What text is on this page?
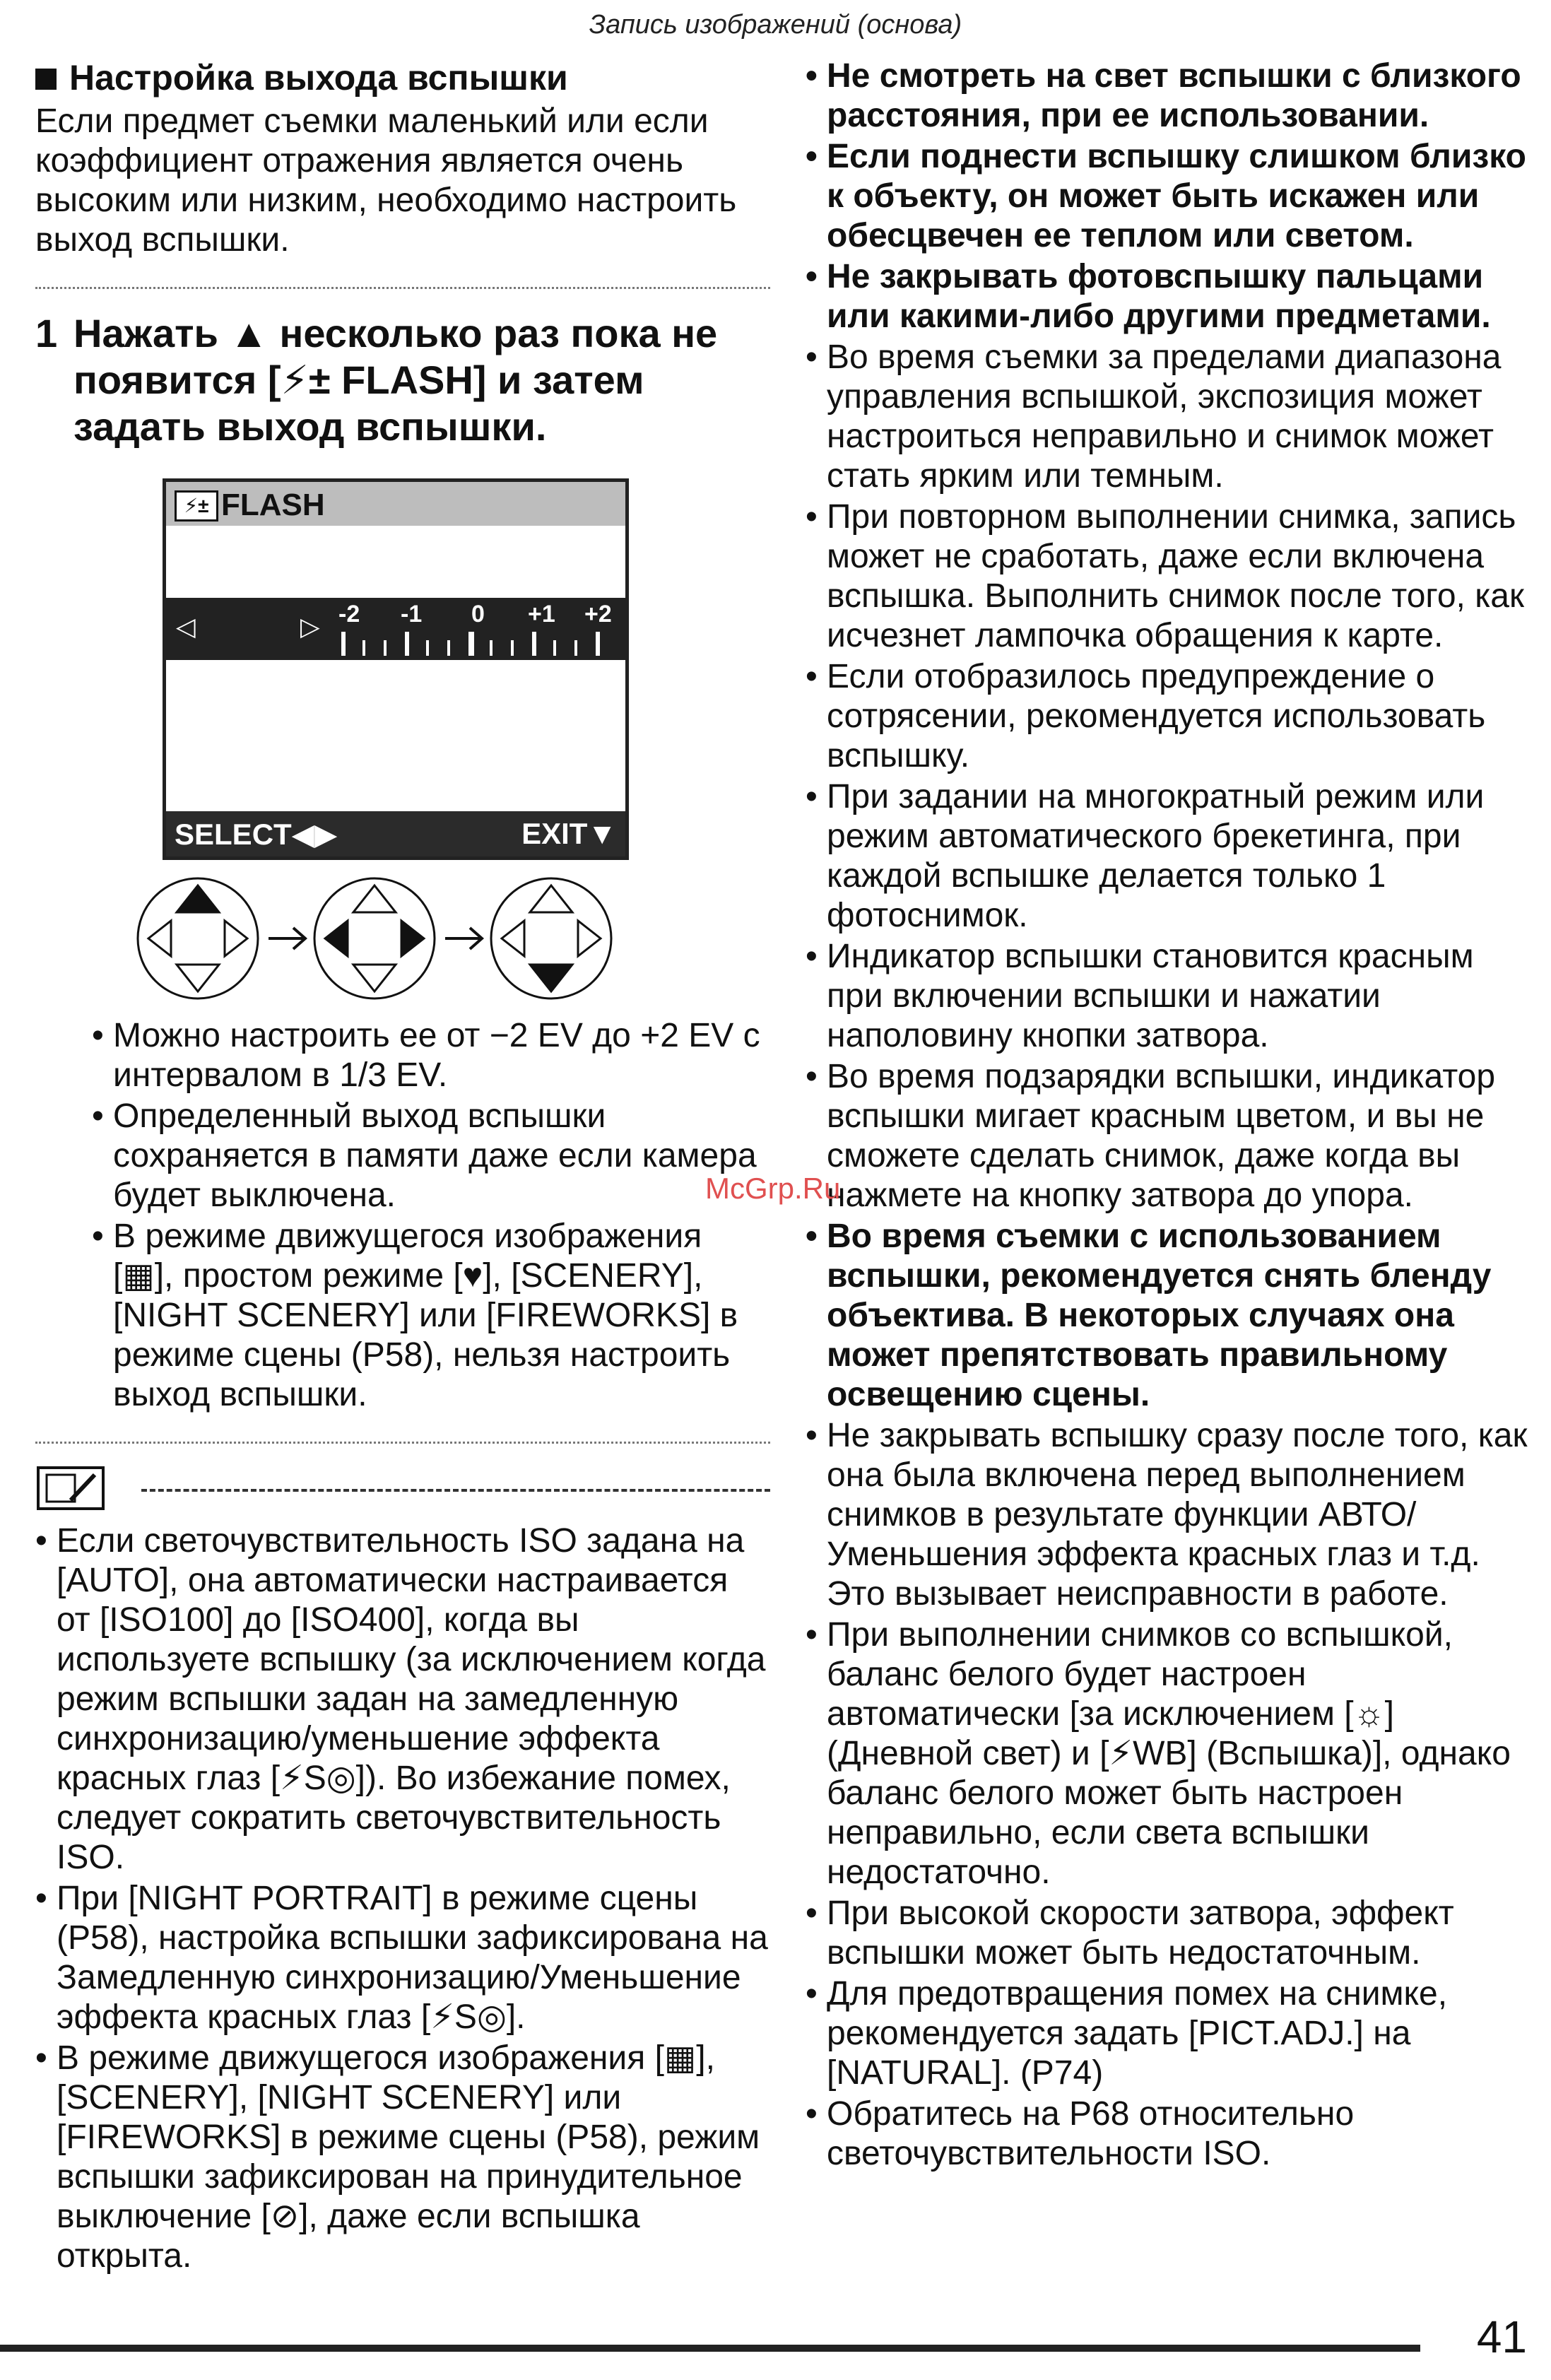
Запись изображений (основа)
Настройка выхода вспышки

Если предмет съемки маленький или если коэффициент отражения является очень высоким или низким, необходимо настроить выход вспышки.

1 Нажать ▲ несколько раз пока не появится [⚡± FLASH] и затем задать выход вспышки.
⚡± FLASH
◁	▷ -2 -1 0 +1 +2
SELECT◀▶	EXIT▼
• Можно настроить ее от −2 EV до +2 EV с интервалом в 1/3 EV.
• Определенный выход вспышки сохраняется в памяти даже если камера будет выключена.
• В режиме движущегося изображения [▦], простом режиме [♥], [SCENERY], [NIGHT SCENERY] или [FIREWORKS] в режиме сцены (P58), нельзя настроить выход вспышки.
• Если светочувствительность ISO задана на [AUTO], она автоматически настраивается от [ISO100] до [ISO400], когда вы используете вспышку (за исключением когда режим вспышки задан на замедленную синхронизацию/уменьшение эффекта красных глаз [⚡S◎]). Во избежание помех, следует сократить светочувствительность ISO.
• При [NIGHT PORTRAIT] в режиме сцены (P58), настройка вспышки зафиксирована на Замедленную синхронизацию/Уменьшение эффекта красных глаз [⚡S◎].
• В режиме движущегося изображения [▦], [SCENERY], [NIGHT SCENERY] или [FIREWORKS] в режиме сцены (P58), режим вспышки зафиксирован на принудительное выключение [⊘], даже если вспышка открыта.
• Не смотреть на свет вспышки с близкого расстояния, при ее использовании.
• Если поднести вспышку слишком близко к объекту, он может быть искажен или обесцвечен ее теплом или светом.
• Не закрывать фотовспышку пальцами или какими-либо другими предметами.
• Во время съемки за пределами диапазона управления вспышкой, экспозиция может настроиться неправильно и снимок может стать ярким или темным.
• При повторном выполнении снимка, запись может не сработать, даже если включена вспышка. Выполнить снимок после того, как исчезнет лампочка обращения к карте.
• Если отобразилось предупреждение о сотрясении, рекомендуется использовать вспышку.
• При задании на многократный режим или режим автоматического брекетинга, при каждой вспышке делается только 1 фотоснимок.
• Индикатор вспышки становится красным при включении вспышки и нажатии наполовину кнопки затвора.
• Во время подзарядки вспышки, индикатор вспышки мигает красным цветом, и вы не сможете сделать снимок, даже когда вы нажмете на кнопку затвора до упора.
• Во время съемки с использованием вспышки, рекомендуется снять бленду объектива. В некоторых случаях она может препятствовать правильному освещению сцены.
• Не закрывать вспышку сразу после того, как она была включена перед выполнением снимков в результате функции АВТО/Уменьшения эффекта красных глаз и т.д. Это вызывает неисправности в работе.
• При выполнении снимков со вспышкой, баланс белого будет настроен автоматически [за исключением [☼] (Дневной свет) и [⚡WB] (Вспышка)], однако баланс белого может быть настроен неправильно, если света вспышки недостаточно.
• При высокой скорости затвора, эффект вспышки может быть недостаточным.
• Для предотвращения помех на снимке, рекомендуется задать [PICT.ADJ.] на [NATURAL]. (P74)
• Обратитесь на P68 относительно светочувствительности ISO.
McGrp.Ru
41
